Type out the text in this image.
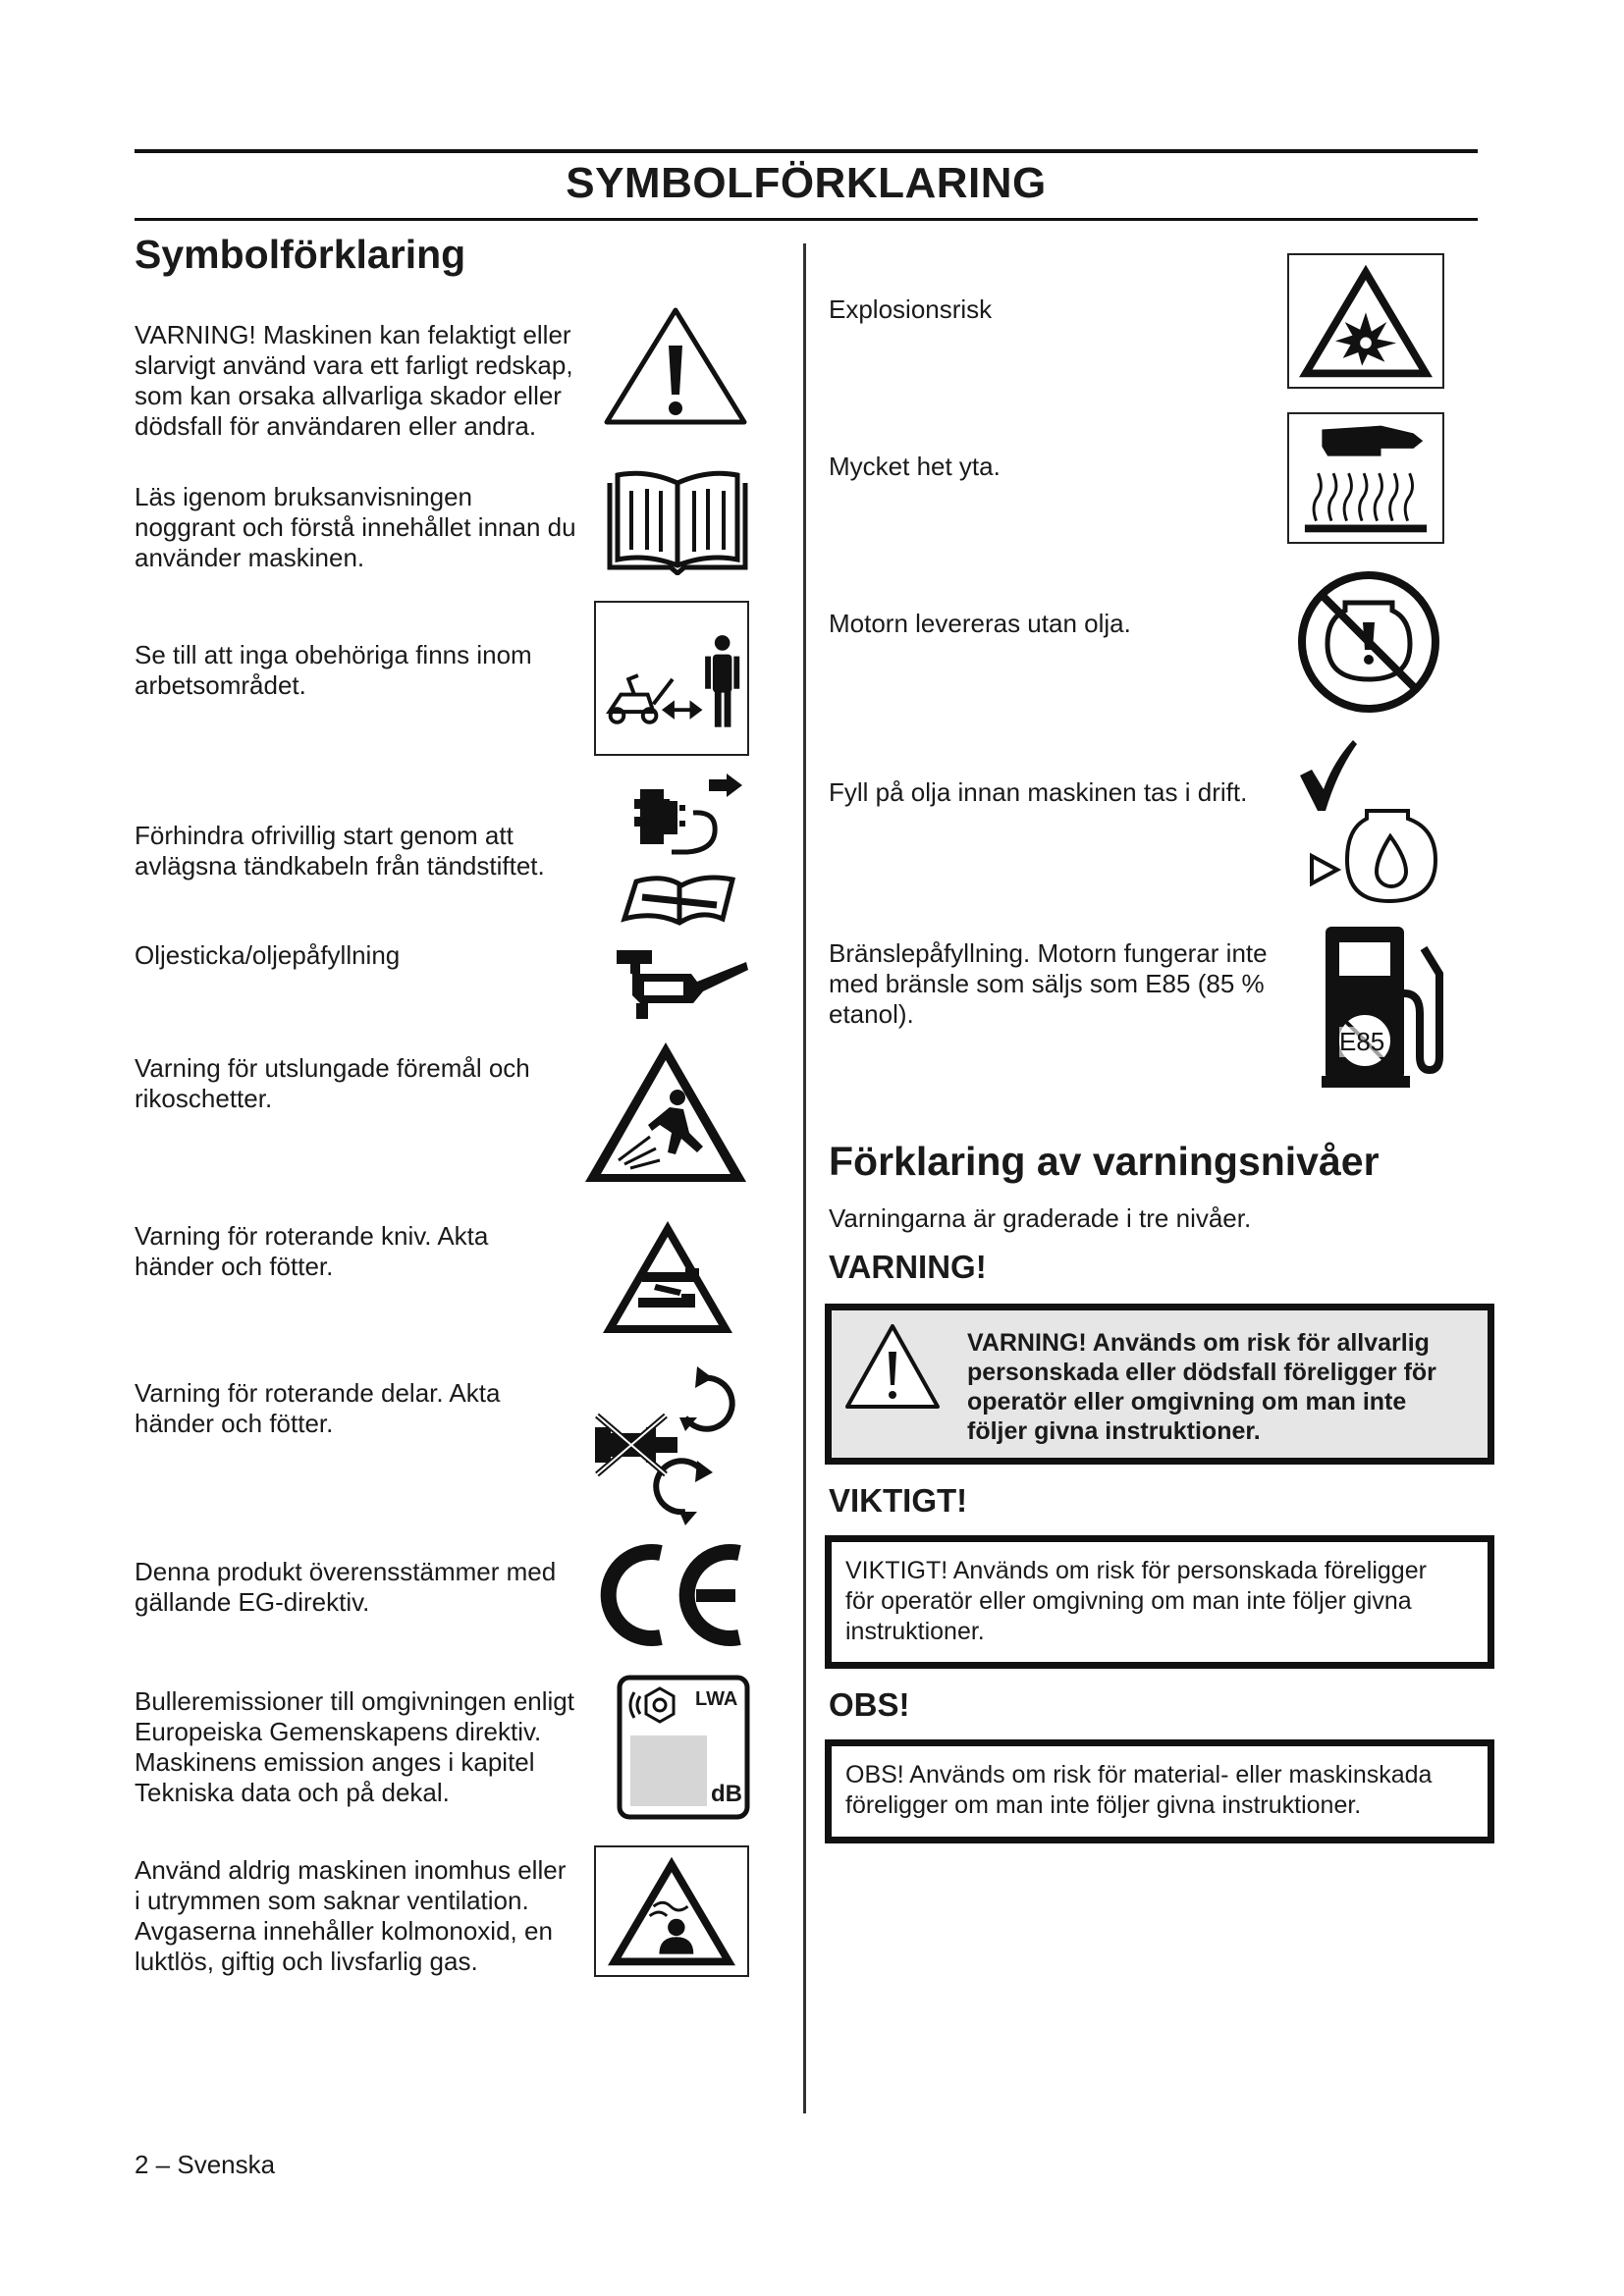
SYMBOLFÖRKLARING
Symbolförklaring

VARNING! Maskinen kan felaktigt eller
slarvigt använd vara ett farligt redskap,
som kan orsaka allvarliga skador eller
dödsfall för användaren eller andra.

Läs igenom bruksanvisningen
noggrant och förstå innehållet innan du
använder maskinen.

Se till att inga obehöriga finns inom
arbetsområdet.

Förhindra ofrivillig start genom att
avlägsna tändkabeln från tändstiftet.

Oljesticka/oljepåfyllning

Varning för utslungade föremål och
rikoschetter.

Varning för roterande kniv. Akta
händer och fötter.

Varning för roterande delar. Akta
händer och fötter.

Denna produkt överensstämmer med
gällande EG-direktiv.

Bulleremissioner till omgivningen enligt
Europeiska Gemenskapens direktiv.
Maskinens emission anges i kapitel
Tekniska data och på dekal.

LWA
dB

Använd aldrig maskinen inomhus eller
i utrymmen som saknar ventilation.
Avgaserna innehåller kolmonoxid, en
luktlös, giftig och livsfarlig gas.

Explosionsrisk

Mycket het yta.

Motorn levereras utan olja.

Fyll på olja innan maskinen tas i drift.

Bränslepåfyllning. Motorn fungerar inte
med bränsle som säljs som E85 (85 %
etanol).

E85
Förklaring av varningsnivåer

Varningarna är graderade i tre nivåer.

VARNING!

VARNING! Används om risk för allvarlig
personskada eller dödsfall föreligger för
operatör eller omgivning om man inte
följer givna instruktioner.

VIKTIGT!

VIKTIGT! Används om risk för personskada föreligger
för operatör eller omgivning om man inte följer givna
instruktioner.

OBS!

OBS! Används om risk för material- eller maskinskada
föreligger om man inte följer givna instruktioner.

2 – Svenska
